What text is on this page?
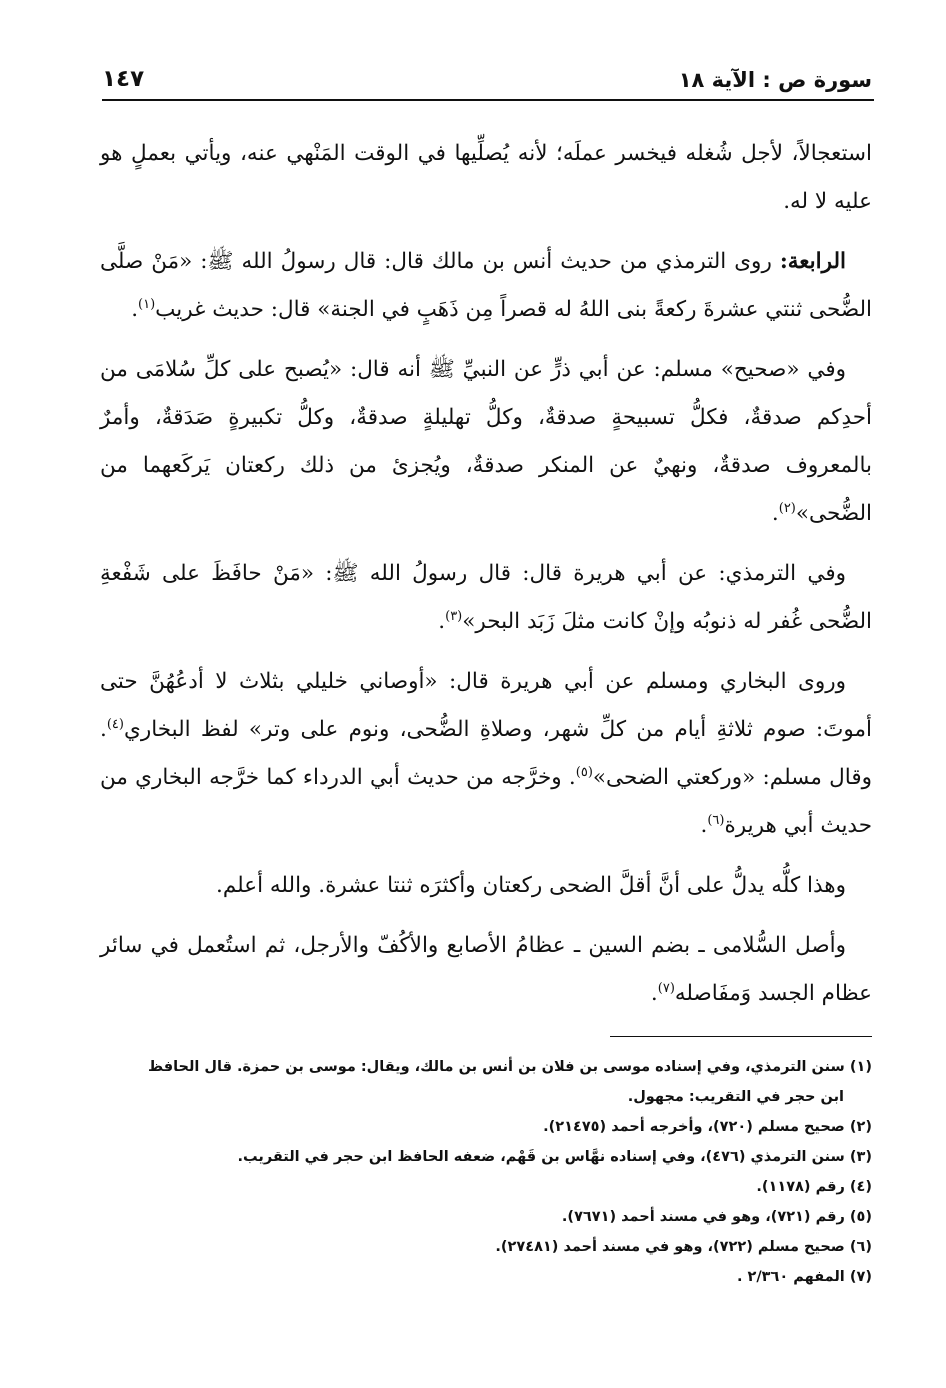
سورة ص : الآية ١٨
١٤٧

استعجالاً، لأجل شُغله فيخسر عملَه؛ لأنه يُصلِّيها في الوقت المَنْهي عنه، ويأتي بعملٍ هو عليه لا له.

الرابعة: روى الترمذي من حديث أنس بن مالك قال: قال رسولُ الله ﷺ: «مَنْ صلَّى الضُّحى ثنتي عشرةَ ركعةً بنى اللهُ له قصراً مِن ذَهَبٍ في الجنة» قال: حديث غريب$^{(١)}$.

وفي «صحيح» مسلم: عن أبي ذرٍّ عن النبيِّ ﷺ أنه قال: «يُصبح على كلِّ سُلامَى من أحدِكم صدقةٌ، فكلُّ تسبيحةٍ صدقةٌ، وكلُّ تهليلةٍ صدقةٌ، وكلُّ تكبيرةٍ صَدَقةٌ، وأمرٌ بالمعروف صدقةٌ، ونهيٌ عن المنكر صدقةٌ، ويُجزئ من ذلك ركعتان يَركَعهما من الضُّحى»$^{(٢)}$.

وفي الترمذي: عن أبي هريرة قال: قال رسولُ الله ﷺ: «مَنْ حافَظَ على شَفْعةِ الضُّحى غُفر له ذنوبُه وإنْ كانت مثلَ زَبَد البحر»$^{(٣)}$.

وروى البخاري ومسلم عن أبي هريرة قال: «أوصاني خليلي بثلاث لا أدعُهُنَّ حتى أموتَ: صوم ثلاثةِ أيام من كلِّ شهر، وصلاةِ الضُّحى، ونوم على وتر» لفظ البخاري$^{(٤)}$. وقال مسلم: «وركعتي الضحى»$^{(٥)}$. وخرَّجه من حديث أبي الدرداء كما خرَّجه البخاري من حديث أبي هريرة$^{(٦)}$.

وهذا كلُّه يدلُّ على أنَّ أقلَّ الضحى ركعتان وأكثرَه ثنتا عشرة. والله أعلم.

وأصل السُّلامى ـ بضم السين ـ عظامُ الأصابع والأكُفّ والأرجل، ثم استُعمل في سائر عظام الجسد وَمفَاصله$^{(٧)}$.

(١) سنن الترمذي، وفي إسناده موسى بن فلان بن أنس بن مالك، ويقال: موسى بن حمزة. قال الحافظ
ابن حجر في التقريب: مجهول.
(٢) صحيح مسلم (٧٢٠)، وأخرجه أحمد (٢١٤٧٥).
(٣) سنن الترمذي (٤٧٦)، وفي إسناده نهَّاس بن قَهْم، ضعفه الحافظ ابن حجر في التقريب.
(٤) رقم (١١٧٨).
(٥) رقم (٧٢١)، وهو في مسند أحمد (٧٦٧١).
(٦) صحيح مسلم (٧٢٢)، وهو في مسند أحمد (٢٧٤٨١).
(٧) المفهم ٢/٣٦٠ .
